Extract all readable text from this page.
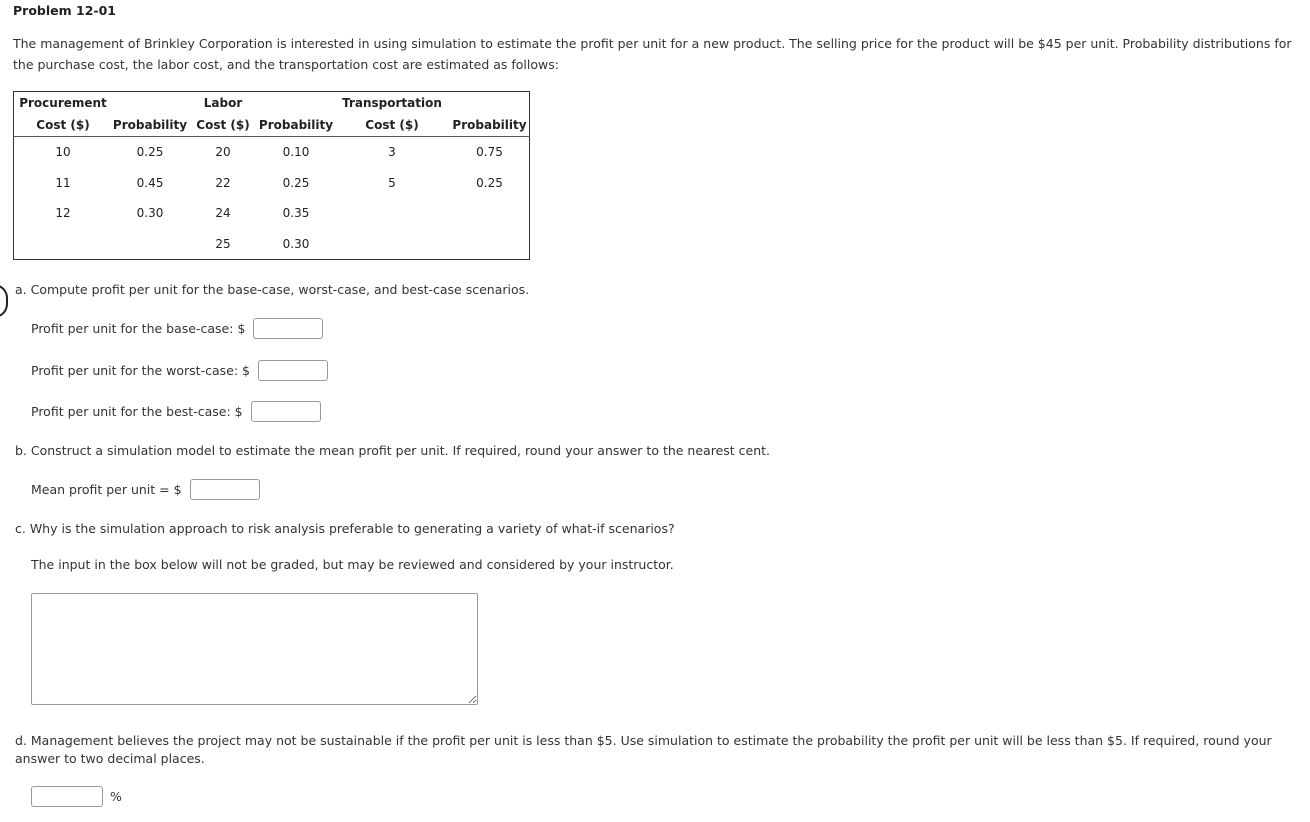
Problem 12-01
The management of Brinkley Corporation is interested in using simulation to estimate the profit per unit for a new product. The selling price for the product will be $45 per unit. Probability distributions for the purchase cost, the labor cost, and the transportation cost are estimated as follows:
Procurement		Labor		Transportation	
Cost ($)	Probability	Cost ($)	Probability	Cost ($)	Probability
10	0.25	20	0.10	3	0.75
11	0.45	22	0.25	5	0.25
12	0.30	24	0.35		
		25	0.30		
a. Compute profit per unit for the base-case, worst-case, and best-case scenarios.
Profit per unit for the base-case: $
Profit per unit for the worst-case: $
Profit per unit for the best-case: $
b. Construct a simulation model to estimate the mean profit per unit. If required, round your answer to the nearest cent.
Mean profit per unit = $
c. Why is the simulation approach to risk analysis preferable to generating a variety of what-if scenarios?
The input in the box below will not be graded, but may be reviewed and considered by your instructor.
d. Management believes the project may not be sustainable if the profit per unit is less than $5. Use simulation to estimate the probability the profit per unit will be less than $5. If required, round your answer to two decimal places.
%
